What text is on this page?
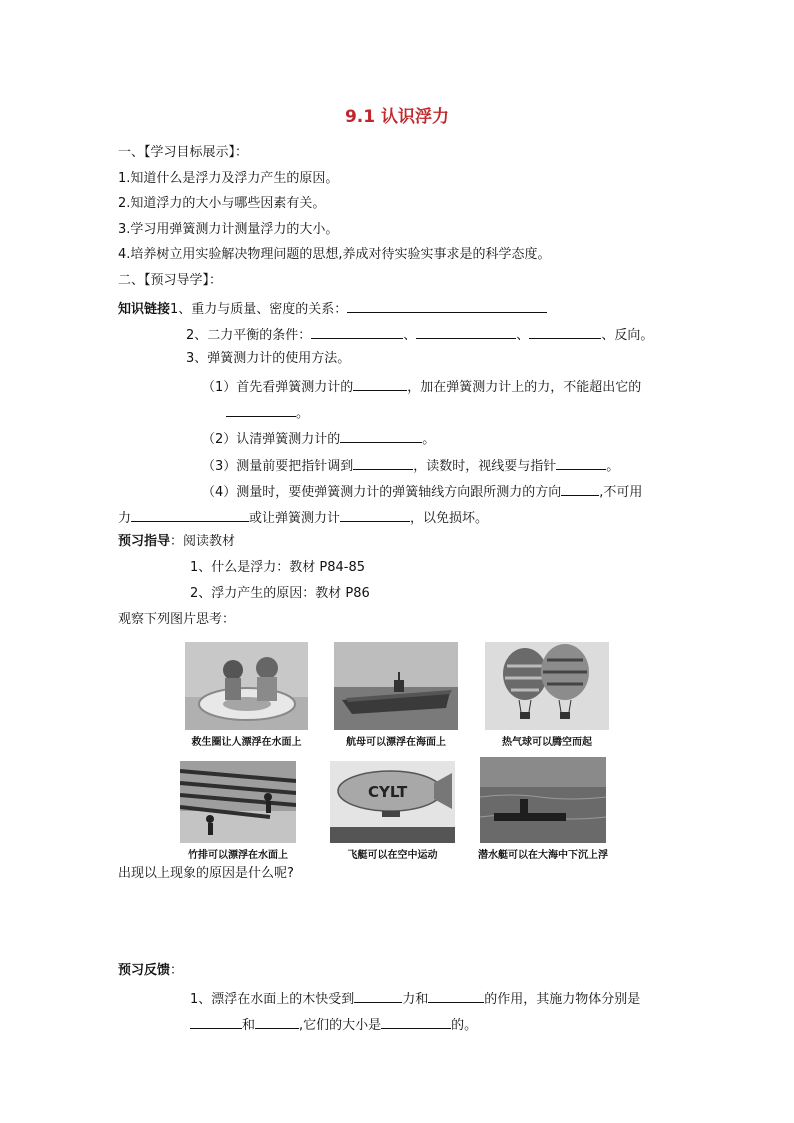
9.1 认识浮力
一、【学习目标展示】：
1.知道什么是浮力及浮力产生的原因。
2.知道浮力的大小与哪些因素有关。
3.学习用弹簧测力计测量浮力的大小。
4.培养树立用实验解决物理问题的思想,养成对待实验实事求是的科学态度。
二、【预习导学】：
知识链接1、重力与质量、密度的关系：
2、二力平衡的条件：	、	、	、反向。
3、弹簧测力计的使用方法。
（1）首先看弹簧测力计的	，加在弹簧测力计上的力，不能超出它的
。
（2）认清弹簧测力计的	。
（3）测量前要把指针调到	，读数时，视线要与指针	。
（4）测量时，要使弹簧测力计的弹簧轴线方向跟所测力的方向	,不可用
力	或让弹簧测力计	，以免损坏。
预习指导：阅读教材
1、什么是浮力：教材 P84-85
2、浮力产生的原因：教材 P86
观察下列图片思考：
救生圈让人漂浮在水面上	航母可以漂浮在海面上	热气球可以腾空而起
CYLT
竹排可以漂浮在水面上	飞艇可以在空中运动	潜水艇可以在大海中下沉上浮
出现以上现象的原因是什么呢?
预习反馈：
1、漂浮在水面上的木快受到	力和	的作用，其施力物体分别是
和	,它们的大小是	的。
